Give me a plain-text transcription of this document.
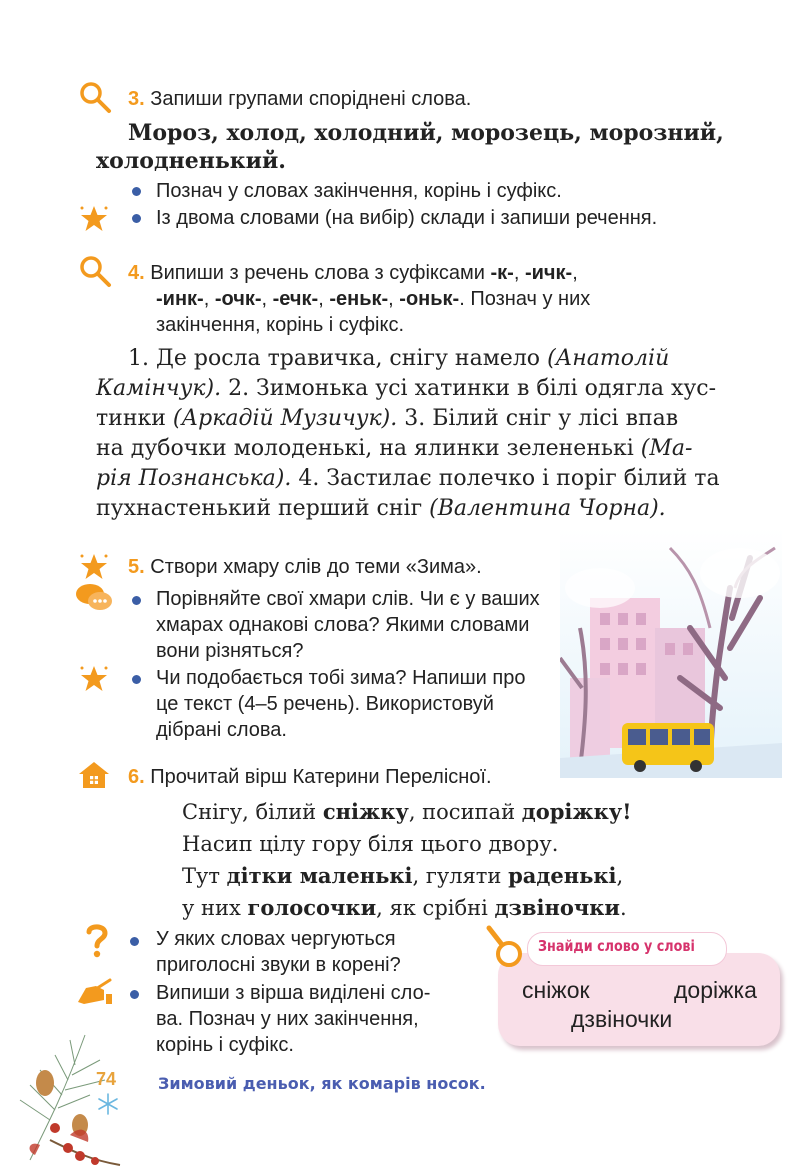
3. Запиши групами споріднені слова.
Мороз, холод, холодний, морозець, морозний,
холодненький.
Познач у словах закінчення, корінь і суфікс.
Із двома словами (на вибір) склади і запиши речення.
4. Випиши з речень слова з суфіксами -к-, -ичк-,
-инк-, -очк-, -ечк-, -еньк-, -оньк-. Познач у них
закінчення, корінь і суфікс.
1. Де росла травичка, снігу намело (Анатолій
Камінчук). 2. Зимонька усі хатинки в білі одягла хус-
тинки (Аркадій Музичук). 3. Білий сніг у лісі впав
на дубочки молоденькі, на ялинки зелененькі (Ма-
рія Познанська). 4. Застилає полечко і поріг білий та
пухнастенький перший сніг (Валентина Чорна).
5. Створи хмару слів до теми «Зима».
Порівняйте свої хмари слів. Чи є у ваших
хмарах однакові слова? Якими словами
вони різняться?
Чи подобається тобі зима? Напиши про
це текст (4–5 речень). Використовуй
дібрані слова.
6. Прочитай вірш Катерини Перелісної.
Снігу, білий сніжку, посипай доріжку!
Насип цілу гору біля цього двору.
Тут дітки маленькі, гуляти раденькі,
у них голосочки, як срібні дзвіночки.
У яких словах чергуються
приголосні звуки в корені?
Випиши з вірша виділені сло-
ва. Познач у них закінчення,
корінь і суфікс.
Знайди слово у слові
сніжок	доріжка
дзвіночки
74	Зимовий деньок, як комарів носок.
